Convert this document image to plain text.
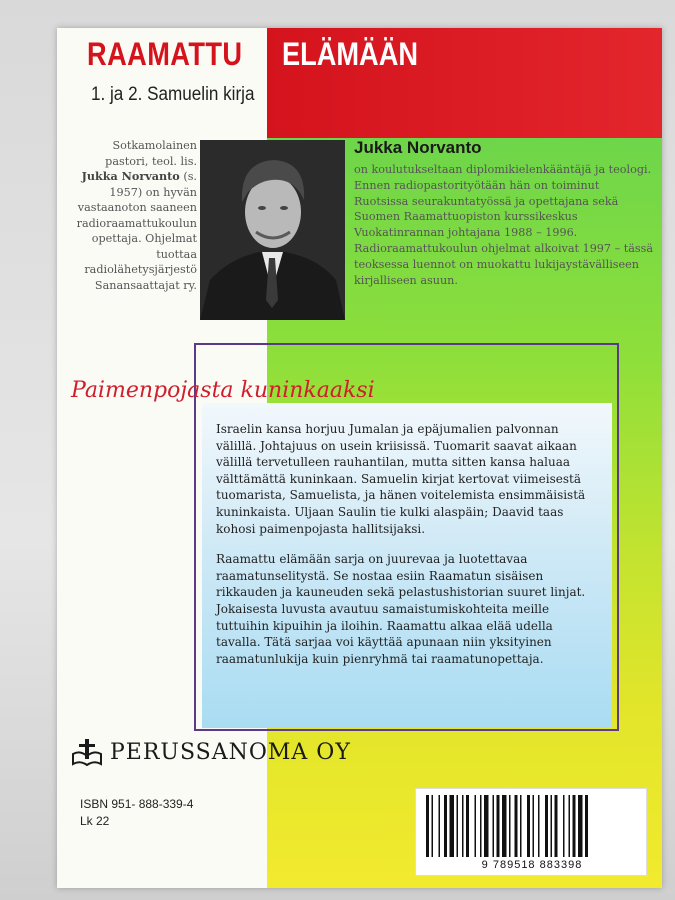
RAAMATTU ELÄMÄÄN
1. ja 2. Samuelin kirja
Sotkamolainen pastori, teol. lis. Jukka Norvanto (s. 1957) on hyvän vastaanoton saaneen radioraamattukoulun opettaja. Ohjelmat tuottaa radiolähetysjärjestö Sanansaattajat ry.
Jukka Norvanto
on koulutukseltaan diplomikielenkääntäjä ja teologi. Ennen radiopastorityötään hän on toiminut Ruotsissa seurakuntatyössä ja opettajana sekä Suomen Raamattuopiston kurssikeskus Vuokatinrannan johtajana 1988 – 1996. Radioraamattukoulun ohjelmat alkoivat 1997 – tässä teoksessa luennot on muokattu lukijaystävälliseen kirjalliseen asuun.
Paimenpojasta kuninkaaksi

Israelin kansa horjuu Jumalan ja epäjumalien palvonnan välillä. Johtajuus on usein kriisissä. Tuomarit saavat aikaan välillä tervetulleen rauhantilan, mutta sitten kansa haluaa välttämättä kuninkaan. Samuelin kirjat kertovat viimeisestä tuomarista, Samuelista, ja hänen voitelemista ensimmäisistä kuninkaista. Uljaan Saulin tie kulki alaspäin; Daavid taas kohosi paimenpojasta hallitsijaksi.

Raamattu elämään sarja on juurevaa ja luotettavaa raamatunselitystä. Se nostaa esiin Raamatun sisäisen rikkauden ja kauneuden sekä pelastushistorian suuret linjat. Jokaisesta luvusta avautuu samaistumiskohteita meille tuttuihin kipuihin ja iloihin. Raamattu alkaa elää udella tavalla. Tätä sarjaa voi käyttää apunaan niin yksityinen raamatunlukija kuin pienryhmä tai raamatunopettaja.

PERUSSANOMA OY
ISBN 951- 888-339-4
Lk 22
9 789518 883398
